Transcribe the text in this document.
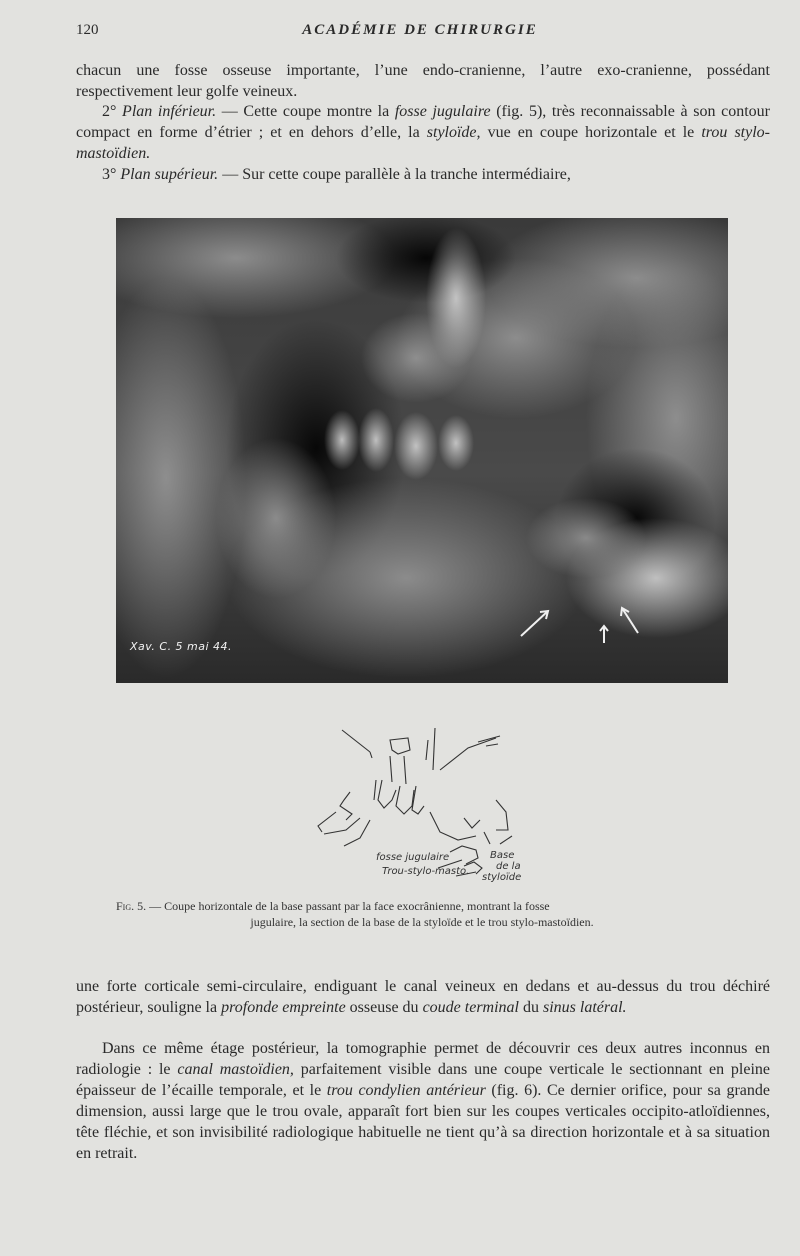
120	ACADÉMIE DE CHIRURGIE

chacun une fosse osseuse importante, l’une endo-cranienne, l’autre exo-cranienne, possédant respectivement leur golfe veineux.

2° Plan inférieur. — Cette coupe montre la fosse jugulaire (fig. 5), très reconnaissable à son contour compact en forme d’étrier ; et en dehors d’elle, la styloïde, vue en coupe horizontale et le trou stylo-mastoïdien.

3° Plan supérieur. — Sur cette coupe parallèle à la tranche intermédiaire,

Xav. C. 5 mai 44.
fosse jugulaire
Trou-stylo-masto.
Base
de la
styloïde

Fig. 5. — Coupe horizontale de la base passant par la face exocrânienne, montrant la fosse
jugulaire, la section de la base de la styloïde et le trou stylo-mastoïdien.

une forte corticale semi-circulaire, endiguant le canal veineux en dedans et au-dessus du trou déchiré postérieur, souligne la profonde empreinte osseuse du coude terminal du sinus latéral.

Dans ce même étage postérieur, la tomographie permet de découvrir ces deux autres inconnus en radiologie : le canal mastoïdien, parfaitement visible dans une coupe verticale le sectionnant en pleine épaisseur de l’écaille temporale, et le trou condylien antérieur (fig. 6). Ce dernier orifice, pour sa grande dimension, aussi large que le trou ovale, apparaît fort bien sur les coupes verticales occipito-atloïdiennes, tête fléchie, et son invisibilité radiologique habituelle ne tient qu’à sa direction horizontale et à sa situation en retrait.
